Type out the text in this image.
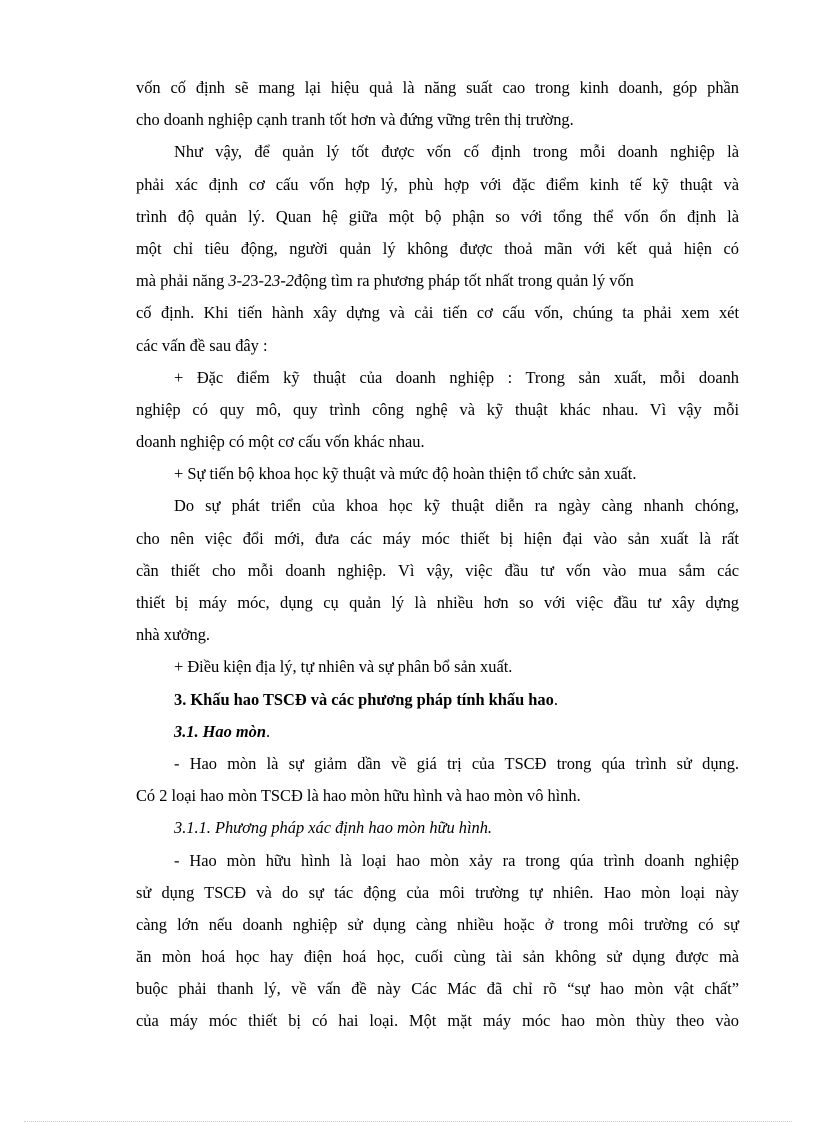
vốn cố định sẽ mang lại hiệu quả là năng suất cao trong kinh doanh, góp phần
cho doanh nghiệp cạnh tranh tốt hơn và đứng vững trên thị trường.
Như vậy, để quản lý tốt được vốn cố định trong mỗi doanh nghiệp là
phải xác định cơ cấu vốn hợp lý, phù hợp với đặc điểm kinh tế kỹ thuật và
trình độ quản lý. Quan hệ giữa một bộ phận so với tổng thể vốn ổn định là
một chỉ tiêu động, người quản lý không được thoả mãn với kết quả hiện có
mà phải năng 3-23-23-2động tìm ra phương pháp tốt nhất trong quản lý vốn
cố định. Khi tiến hành xây dựng và cải tiến cơ cấu vốn, chúng ta phải xem xét
các vấn đề sau đây :
+ Đặc điểm kỹ thuật của doanh nghiệp : Trong sản xuất, mỗi doanh
nghiệp có quy mô, quy trình công nghệ và kỹ thuật khác nhau. Vì vậy mỗi
doanh nghiệp có một cơ cấu vốn khác nhau.
+ Sự tiến bộ khoa học kỹ thuật và mức độ hoàn thiện tổ chức sản xuất.
Do sự phát triển của khoa học kỹ thuật diễn ra ngày càng nhanh chóng,
cho nên việc đổi mới, đưa các máy móc thiết bị hiện đại vào sản xuất là rất
cần thiết cho mỗi doanh nghiệp. Vì vậy, việc đầu tư vốn vào mua sắm các
thiết bị máy móc, dụng cụ quản lý là nhiều hơn so với việc đầu tư xây dựng
nhà xưởng.
+ Điều kiện địa lý, tự nhiên và sự phân bổ sản xuất.
3. Khấu hao TSCĐ và các phương pháp tính khấu hao.
3.1. Hao mòn.
- Hao mòn là sự giảm dần về giá trị của TSCĐ trong qúa trình sử dụng.
Có 2 loại hao mòn TSCĐ là hao mòn hữu hình và hao mòn vô hình.
3.1.1. Phương pháp xác định hao mòn hữu hình.
- Hao mòn hữu hình là loại hao mòn xảy ra trong qúa trình doanh nghiệp
sử dụng TSCĐ và do sự tác động của môi trường tự nhiên. Hao mòn loại này
càng lớn nếu doanh nghiệp sử dụng càng nhiều hoặc ở trong môi trường có sự
ăn mòn hoá học hay điện hoá học, cuối cùng tài sản không sử dụng được mà
buộc phải thanh lý, về vấn đề này Các Mác đã chỉ rõ “sự hao mòn vật chất”
của máy móc thiết bị có hai loại. Một mặt máy móc hao mòn thùy theo vào
